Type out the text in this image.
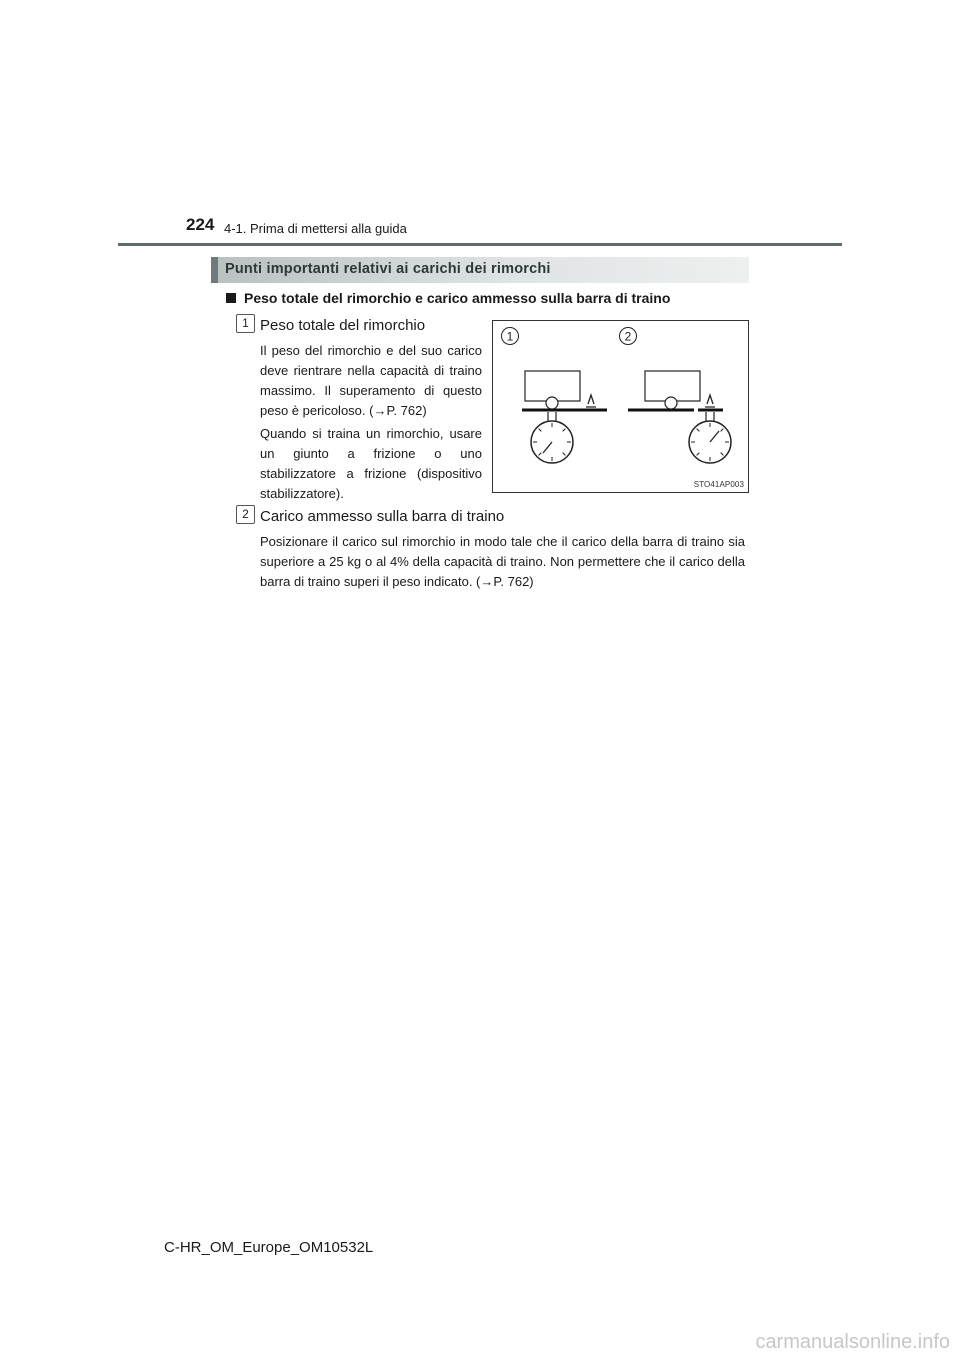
224 4-1. Prima di mettersi alla guida
Punti importanti relativi ai carichi dei rimorchi
Peso totale del rimorchio e carico ammesso sulla barra di traino
1 Peso totale del rimorchio

Il peso del rimorchio e del suo carico deve rientrare nella capacità di traino massimo. Il superamento di questo peso è pericoloso. (→P. 762)

Quando si traina un rimorchio, usare un giunto a frizione o uno stabilizzatore a frizione (dispositivo stabilizzatore).

1	2
STO41AP003
2 Carico ammesso sulla barra di traino

Posizionare il carico sul rimorchio in modo tale che il carico della barra di traino sia superiore a 25 kg o al 4% della capacità di traino. Non permettere che il carico della barra di traino superi il peso indicato. (→P. 762)

C-HR_OM_Europe_OM10532L
carmanualsonline.info
